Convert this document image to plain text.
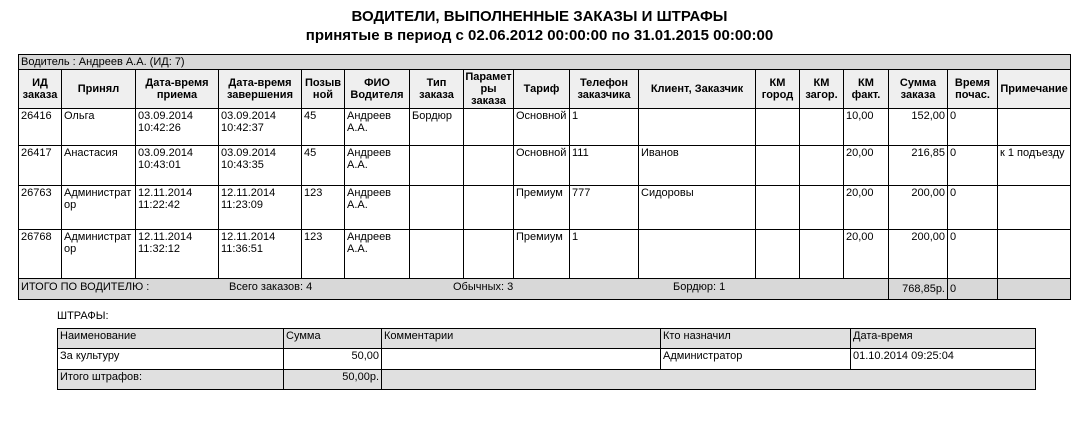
ВОДИТЕЛИ, ВЫПОЛНЕННЫЕ ЗАКАЗЫ И ШТРАФЫ
принятые в период с 02.06.2012 00:00:00 по 31.01.2015 00:00:00
Водитель : Андреев А.А. (ИД: 7)																
ИД заказа	Принял	Дата-время приема	Дата-время завершения	Позывной	ФИО Водителя	Тип заказа	Параметры заказа	Тариф	Телефон заказчика	Клиент, Заказчик	КМ город	КМ загор.	КМ факт.	Сумма заказа	Время почас.	Примечание
26416	Ольга	03.09.2014 10:42:26	03.09.2014 10:42:37	45	Андреев А.А.	Бордюр		Основной	1				10,00	152,00	0	
26417	Анастасия	03.09.2014 10:43:01	03.09.2014 10:43:35	45	Андреев А.А.			Основной	111	Иванов			20,00	216,85	0	к 1 подъезду
26763	Администратор	12.11.2014 11:22:42	12.11.2014 11:23:09	123	Андреев А.А.			Премиум	777	Сидоровы			20,00	200,00	0	
26768	Администратор	12.11.2014 11:32:12	12.11.2014 11:36:51	123	Андреев А.А.			Премиум	1				20,00	200,00	0	

ИТОГО ПО ВОДИТЕЛЮ : Всего заказов: 4 Обычных: 3 Бордюр: 1														768,85р.	0	
ШТРАФЫ:
Наименование	Сумма	Комментарии	Кто назначил	Дата-время
За культуру	50,00		Администратор	01.10.2014 09:25:04
Итого штрафов:	50,00р.			
